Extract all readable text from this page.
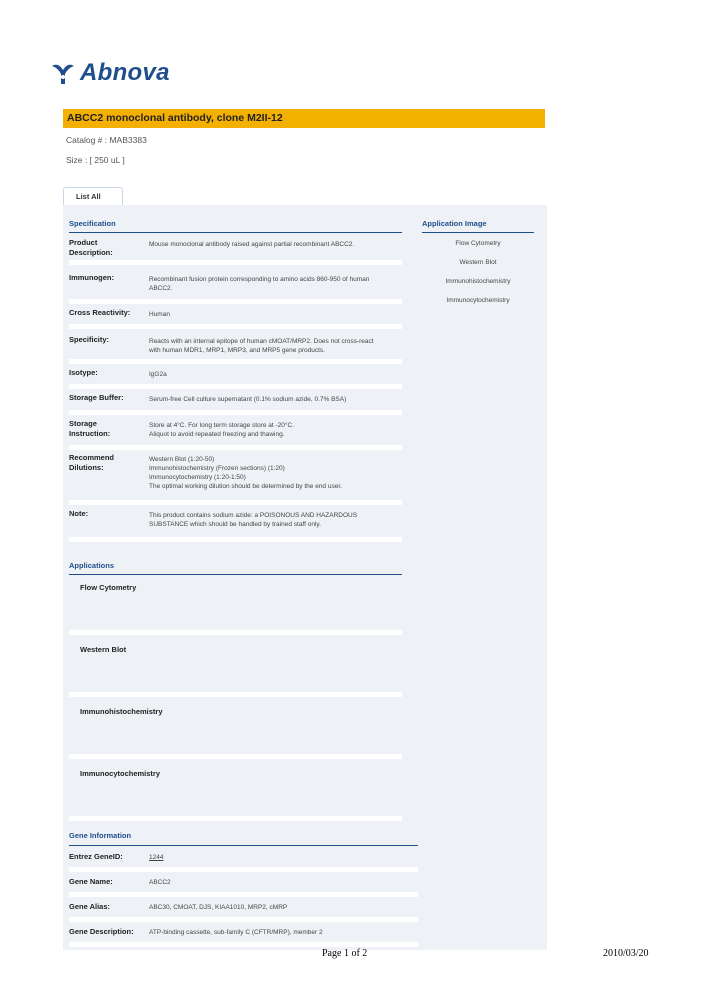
Abnova
ABCC2 monoclonal antibody, clone M2II-12
Catalog # : MAB3383
Size : [ 250 uL ]
List All
Specification
Product
Description:
Mouse monoclonal antibody raised against partial recombinant ABCC2.
Immunogen:	Recombinant fusion protein corresponding to amino acids 860-950 of human
ABCC2.
Cross Reactivity:	Human
Specificity:	Reacts with an internal epitope of human cMOAT/MRP2. Does not cross-react
with human MDR1, MRP1, MRP3, and MRP5 gene products.
Isotype:	IgG2a
Storage Buffer:	Serum-free Cell culture supernatant (0.1% sodium azide, 0.7% BSA)
Storage
Instruction:
Store at 4°C. For long term storage store at -20°C.
Aliquot to avoid repeated freezing and thawing.
Recommend
Dilutions:
Western Blot (1:20-50)
Immunohistochemistry (Frozen sections) (1:20)
Immunocytochemistry (1:20-1:50)
The optimal working dilution should be determined by the end user.
Note:	This product contains sodium azide: a POISONOUS AND HAZARDOUS
SUBSTANCE which should be handled by trained staff only.
Application Image
Flow Cytometry
Western Blot
Immunohistochemistry
Immunocytochemistry
Applications
Flow Cytometry
Western Blot
Immunohistochemistry
Immunocytochemistry
Gene Information
Entrez GeneID:	1244
Gene Name:	ABCC2
Gene Alias:	ABC30, CMOAT, DJS, KIAA1010, MRP2, cMRP
Gene Description: ATP-binding cassette, sub-family C (CFTR/MRP), member 2
Page 1 of 2	2010/03/20
